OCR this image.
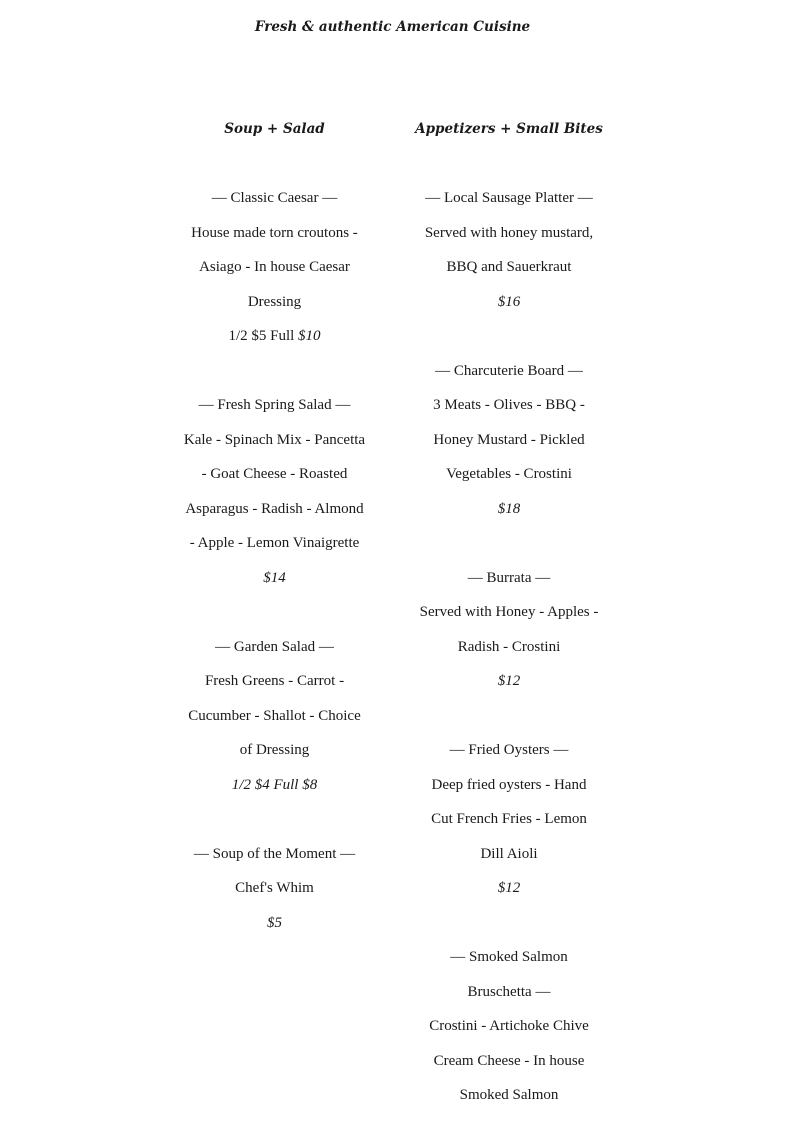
Fresh & authentic American Cuisine

Soup + Salad
— Classic Caesar —
House made torn croutons -
Asiago - In house Caesar
Dressing
1/2 $5 Full $10
— Fresh Spring Salad —
Kale - Spinach Mix - Pancetta
- Goat Cheese - Roasted
Asparagus - Radish - Almond
- Apple - Lemon Vinaigrette
$14
— Garden Salad —
Fresh Greens - Carrot -
Cucumber - Shallot - Choice
of Dressing
1/2 $4 Full $8
— Soup of the Moment —
Chef's Whim
$5
Appetizers + Small Bites
— Local Sausage Platter —
Served with honey mustard,
BBQ and Sauerkraut
$16
— Charcuterie Board —
3 Meats - Olives - BBQ -
Honey Mustard - Pickled
Vegetables - Crostini
$18
— Burrata —
Served with Honey - Apples -
Radish - Crostini
$12
— Fried Oysters —
Deep fried oysters - Hand
Cut French Fries - Lemon
Dill Aioli
$12
— Smoked Salmon
Bruschetta —
Crostini - Artichoke Chive
Cream Cheese - In house
Smoked Salmon
